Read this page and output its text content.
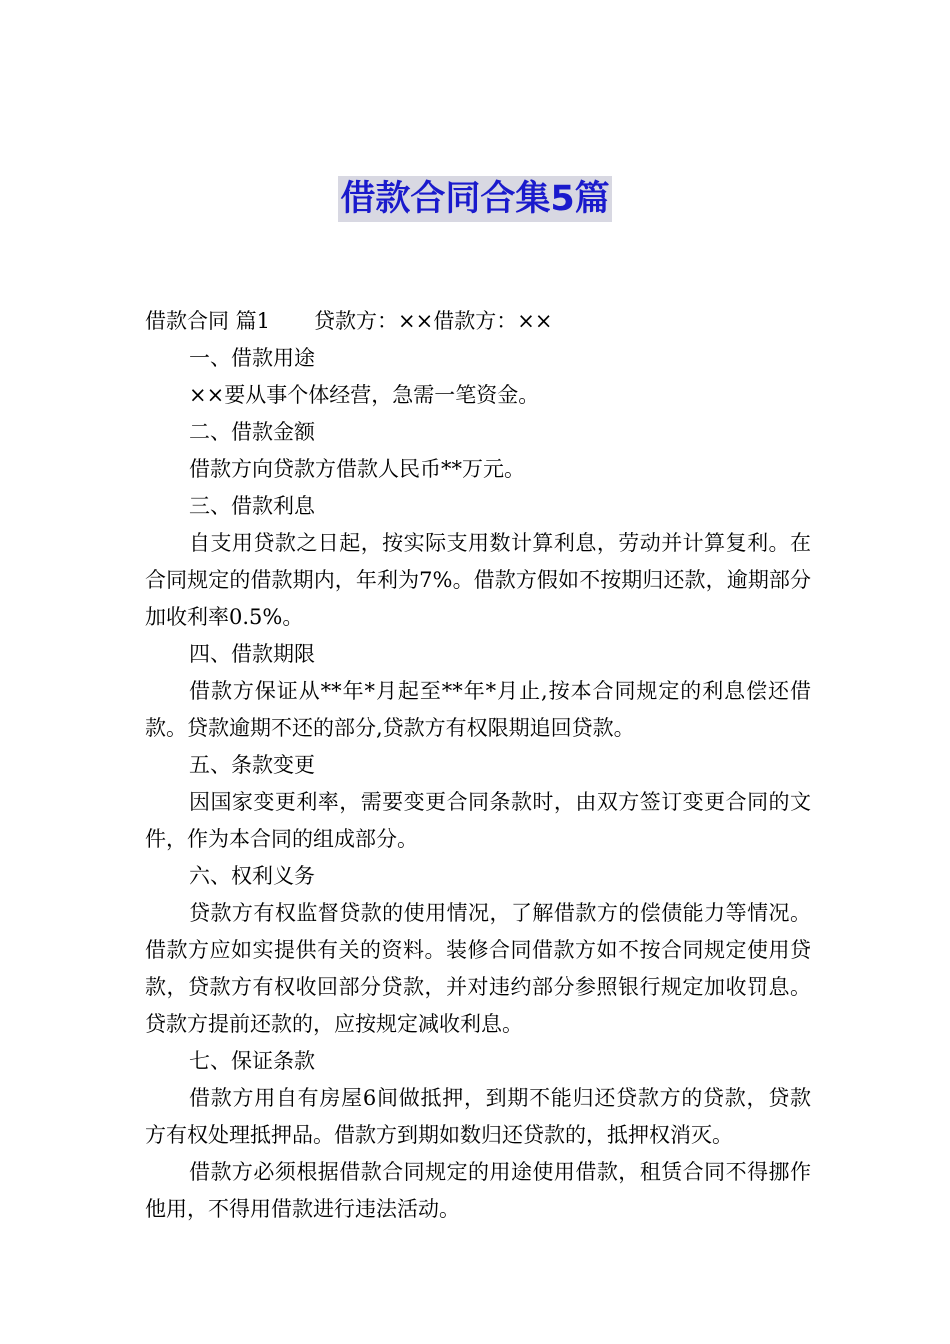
借款合同合集5篇

借款合同 篇1 贷款方：××借款方：××

一、借款用途

××要从事个体经营，急需一笔资金。

二、借款金额

借款方向贷款方借款人民币**万元。

三、借款利息

自支用贷款之日起，按实际支用数计算利息，劳动并计算复利。在合同规定的借款期内，年利为7%。借款方假如不按期归还款，逾期部分加收利率0.5%。

四、借款期限

借款方保证从**年*月起至**年*月止,按本合同规定的利息偿还借款。贷款逾期不还的部分,贷款方有权限期追回贷款。

五、条款变更

因国家变更利率，需要变更合同条款时，由双方签订变更合同的文件，作为本合同的组成部分。

六、权利义务

贷款方有权监督贷款的使用情况，了解借款方的偿债能力等情况。借款方应如实提供有关的资料。装修合同借款方如不按合同规定使用贷款，贷款方有权收回部分贷款，并对违约部分参照银行规定加收罚息。贷款方提前还款的，应按规定减收利息。

七、保证条款

借款方用自有房屋6间做抵押，到期不能归还贷款方的贷款，贷款方有权处理抵押品。借款方到期如数归还贷款的，抵押权消灭。

借款方必须根据借款合同规定的用途使用借款，租赁合同不得挪作他用，不得用借款进行违法活动。
